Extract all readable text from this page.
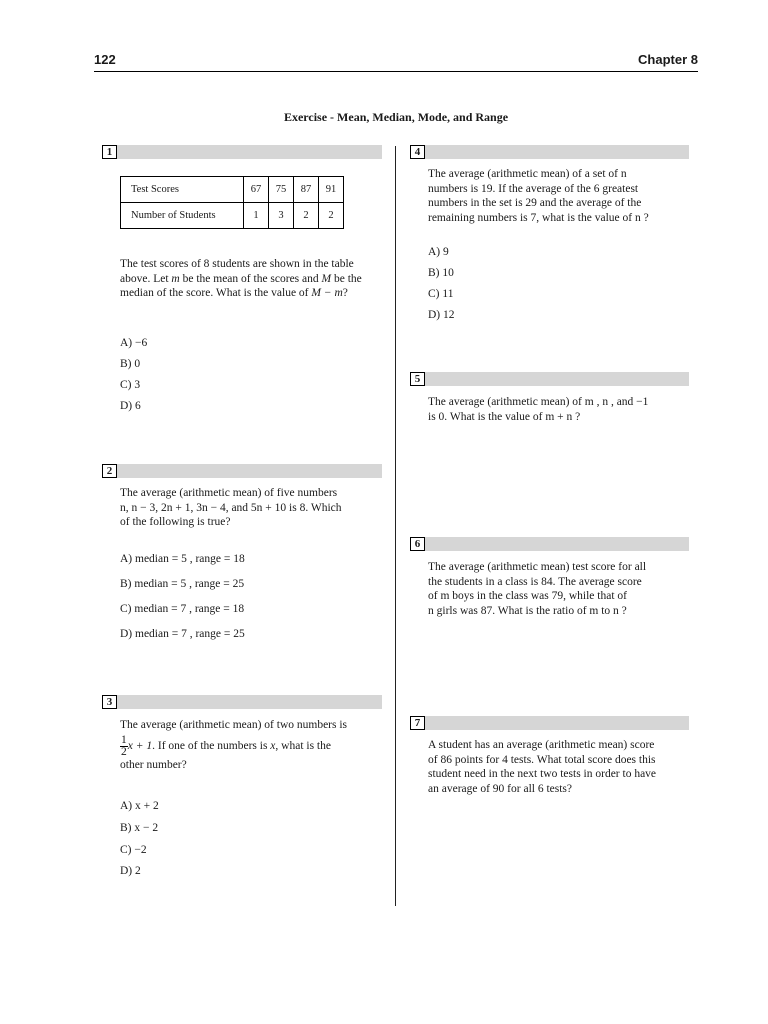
122	Chapter 8
Exercise - Mean, Median, Mode, and Range
1
Test Scores	67	75	87	91
Number of Students	1	3	2	2
The test scores of 8 students are shown in the table above. Let m be the mean of the scores and M be the median of the score. What is the value of M − m?
A) −6
B) 0
C) 3
D) 6
2
The average (arithmetic mean) of five numbers
n, n − 3, 2n + 1, 3n − 4, and 5n + 10 is 8. Which
of the following is true?
A) median = 5 , range = 18
B) median = 5 , range = 25
C) median = 7 , range = 18
D) median = 7 , range = 25
3
The average (arithmetic mean) of two numbers is
$\frac{1}{2}$ x + 1. If one of the numbers is x, what is the
other number?
A) x + 2
B) x − 2
C) −2
D) 2
4
The average (arithmetic mean) of a set of n
numbers is 19. If the average of the 6 greatest
numbers in the set is 29 and the average of the
remaining numbers is 7, what is the value of n ?
A) 9
B) 10
C) 11
D) 12
5
The average (arithmetic mean) of m , n , and −1
is 0. What is the value of m + n ?
6
The average (arithmetic mean) test score for all
the students in a class is 84. The average score
of m boys in the class was 79, while that of
n girls was 87. What is the ratio of m to n ?
7
A student has an average (arithmetic mean) score
of 86 points for 4 tests. What total score does this
student need in the next two tests in order to have
an average of 90 for all 6 tests?
